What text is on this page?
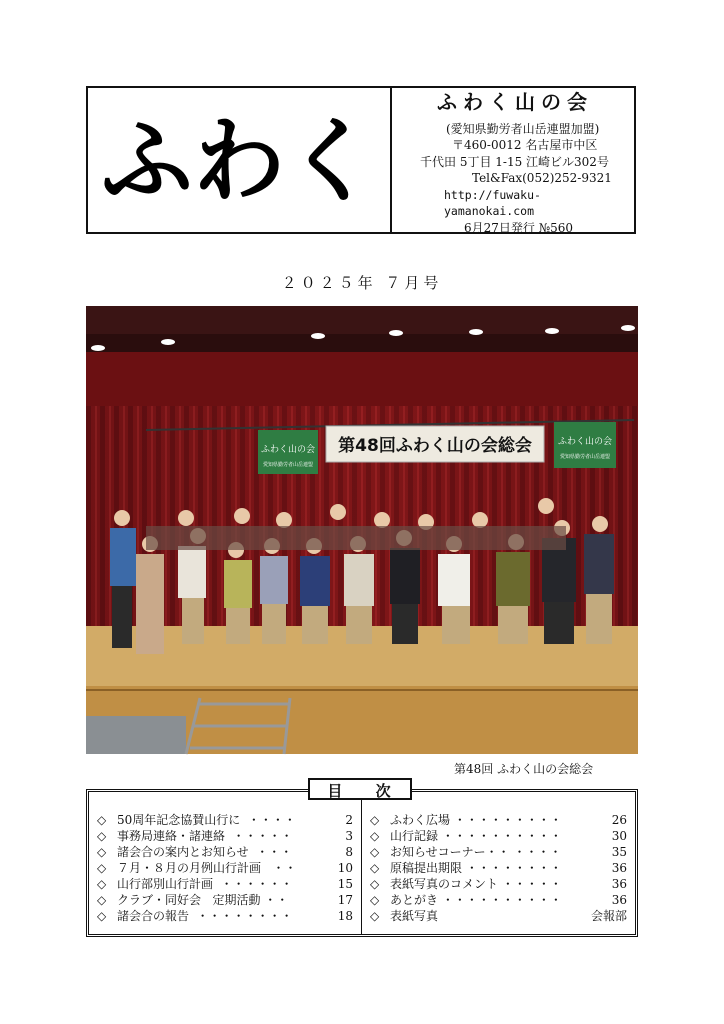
ふわく
ふわく山の会
(愛知県勤労者山岳連盟加盟)
〒460-0012 名古屋市中区
千代田 5丁目 1-15 江崎ビル302号
Tel&Fax(052)252-9321
http://fuwaku-yamanokai.com
6月27日発行 №560
２０２５年 ７月号
ふわく山の会
愛知県勤労者山岳連盟
第48回ふわく山の会総会	ふわく山の会
愛知県勤労者山岳連盟
第48回 ふわく山の会総会
目 次
◇ 50周年記念協賛山行に  ・・・・	2
◇ 事務局連絡・諸連絡  ・・・・・	3
◇ 諸会合の案内とお知らせ  ・・・	8
◇ ７月・８月の月例山行計画   ・・	10
◇ 山行部別山行計画  ・・・・・・	15
◇ クラブ・同好会   定期活動 ・・	17
◇ 諸会合の報告  ・・・・・・・・	18
◇ ふわく広場 ・・・・・・・・・	26
◇ 山行記録 ・・・・・・・・・・	30
◇ お知らせコーナー・・ ・・・・	35
◇ 原稿提出期限 ・・・・・・・・	36
◇ 表紙写真のコメント ・・・・・	36
◇ あとがき ・・・・・・・・・・	36
◇ 表紙写真	会報部
